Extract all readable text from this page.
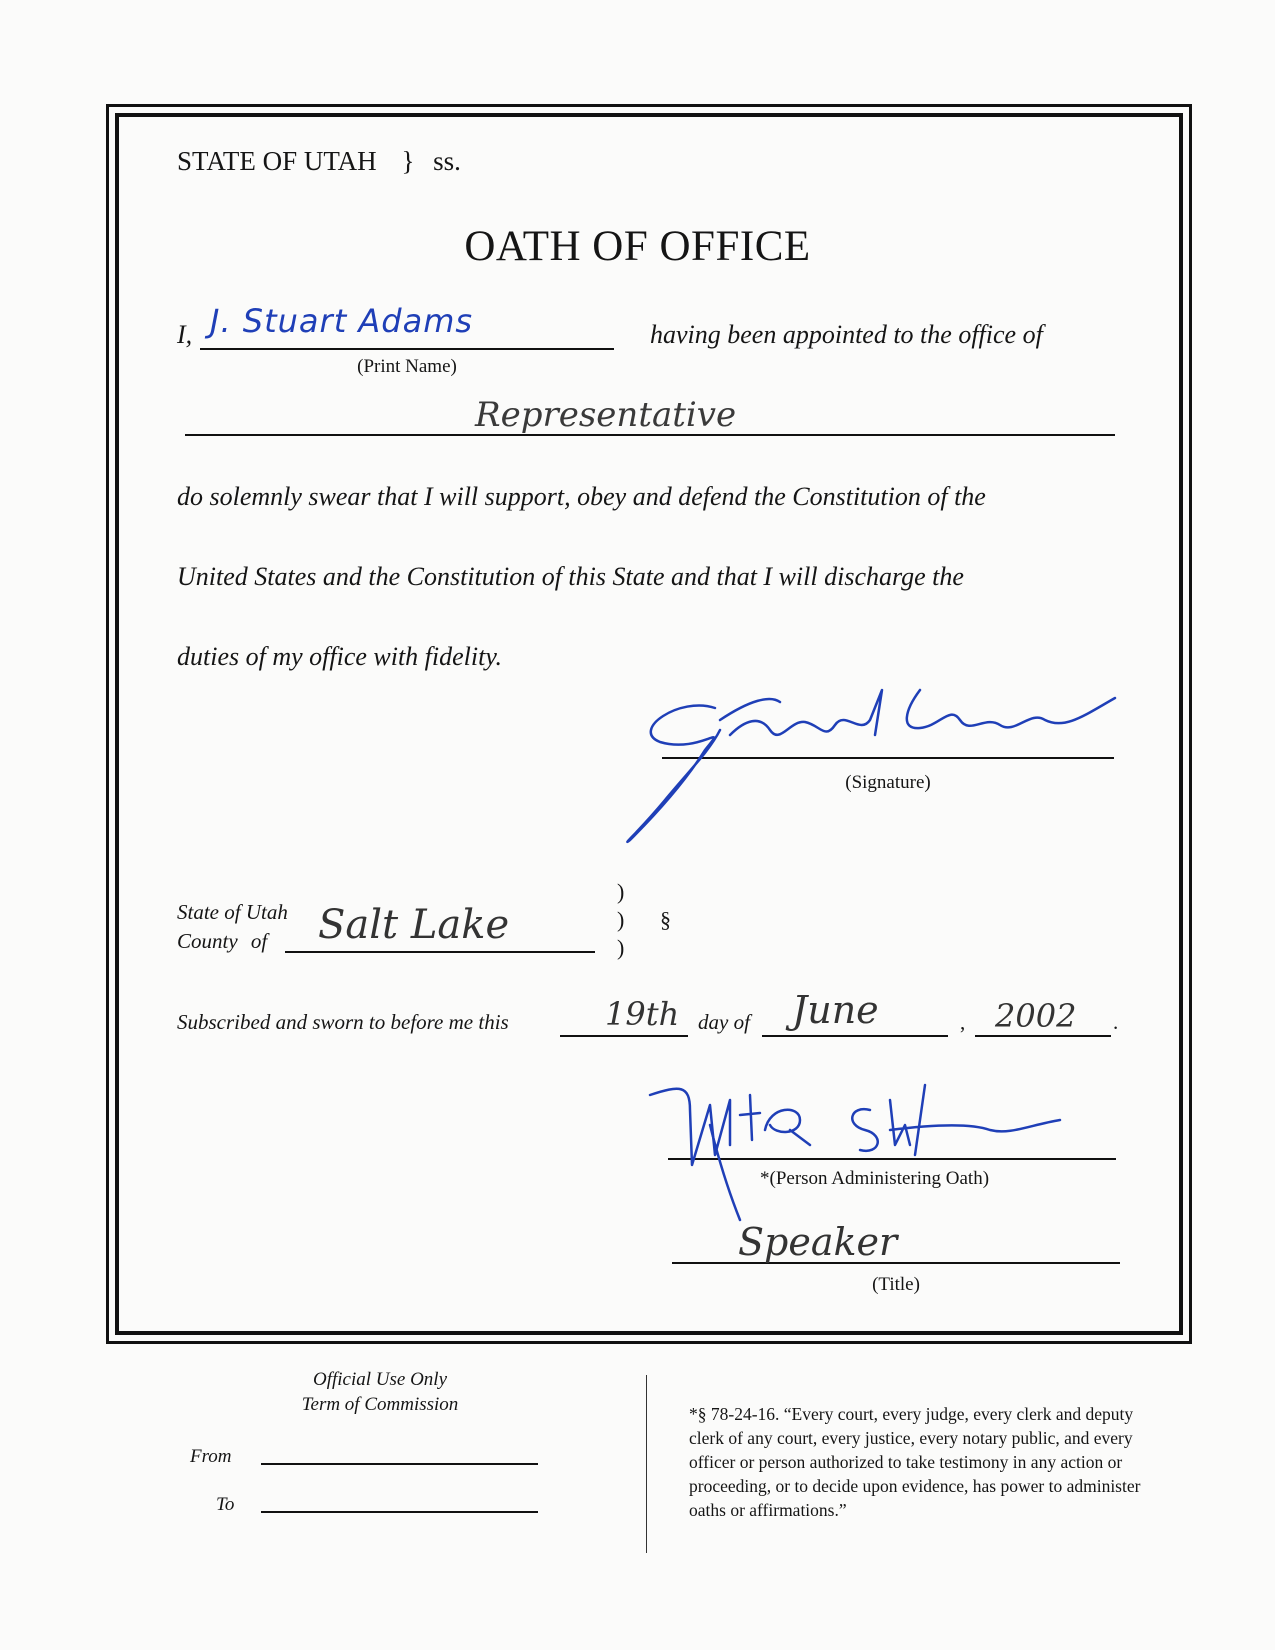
STATE OF UTAH } ss.
OATH OF OFFICE
I, J. Stuart Adams
(Print Name)
having been appointed to the office of
Representative
do solemnly swear that I will support, obey and defend the Constitution of the
United States and the Constitution of this State and that I will discharge the
duties of my office with fidelity.
(Signature)
State of Utah
County of Salt Lake
)
)
)
§
Subscribed and sworn to before me this	19th day of June	, 2002 .
*(Person Administering Oath)
Speaker
(Title)
Official Use Only
Term of Commission
From
To
*§ 78-24-16. “Every court, every judge, every clerk and deputy clerk of any court, every justice, every notary public, and every officer or person authorized to take testimony in any action or proceeding, or to decide upon evidence, has power to administer oaths or affirmations.”
